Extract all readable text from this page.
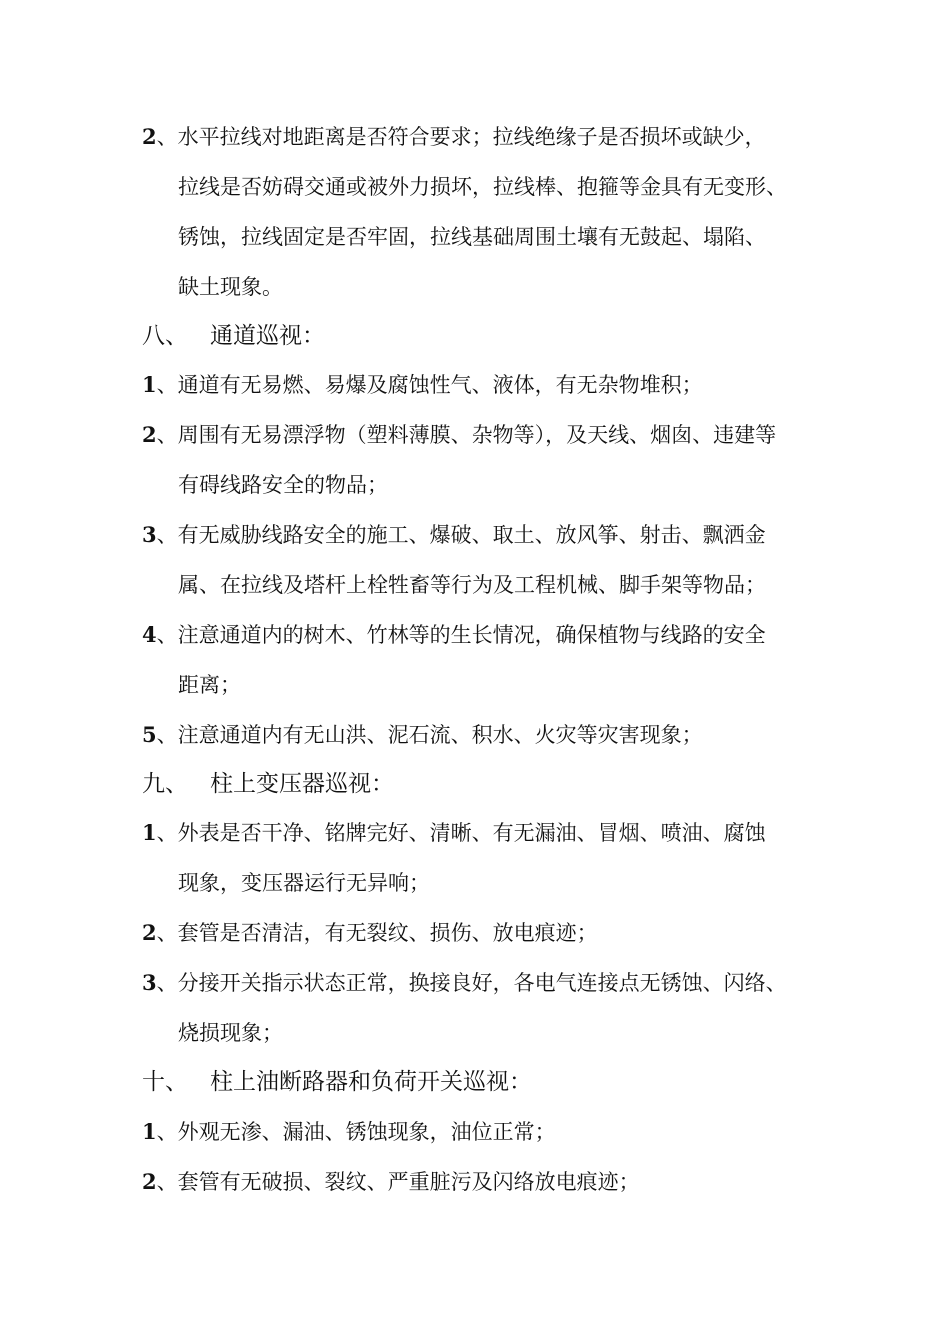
2、水平拉线对地距离是否符合要求；拉线绝缘子是否损坏或缺少，
拉线是否妨碍交通或被外力损坏，拉线棒、抱箍等金具有无变形、
锈蚀，拉线固定是否牢固，拉线基础周围土壤有无鼓起、塌陷、
缺土现象。
八、 通道巡视：
1、通道有无易燃、易爆及腐蚀性气、液体，有无杂物堆积；
2、周围有无易漂浮物（塑料薄膜、杂物等），及天线、烟囱、违建等
有碍线路安全的物品；
3、有无威胁线路安全的施工、爆破、取土、放风筝、射击、飘洒金
属、在拉线及塔杆上栓牲畜等行为及工程机械、脚手架等物品；
4、注意通道内的树木、竹林等的生长情况，确保植物与线路的安全
距离；
5、注意通道内有无山洪、泥石流、积水、火灾等灾害现象；
九、 柱上变压器巡视：
1、外表是否干净、铭牌完好、清晰、有无漏油、冒烟、喷油、腐蚀
现象，变压器运行无异响；
2、套管是否清洁，有无裂纹、损伤、放电痕迹；
3、分接开关指示状态正常，换接良好，各电气连接点无锈蚀、闪络、
烧损现象；
十、 柱上油断路器和负荷开关巡视：
1、外观无渗、漏油、锈蚀现象，油位正常；
2、套管有无破损、裂纹、严重脏污及闪络放电痕迹；
